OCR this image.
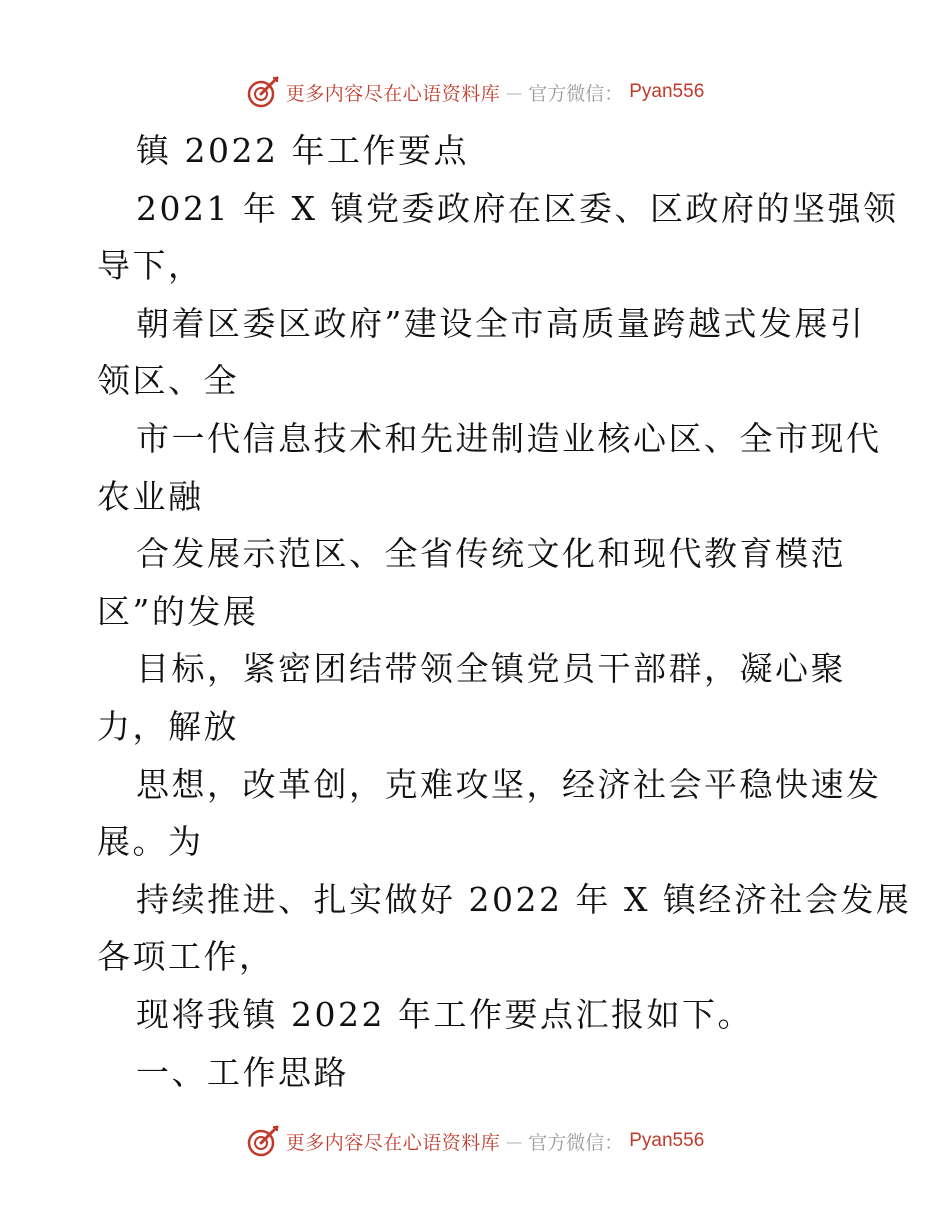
更多内容尽在心语资料库 — 官方微信： Pyan556
镇 2022 年工作要点
2021 年 X 镇党委政府在区委、区政府的坚强领
导下，
朝着区委区政府”建设全市高质量跨越式发展引
领区、全
市一代信息技术和先进制造业核心区、全市现代
农业融
合发展示范区、全省传统文化和现代教育模范
区”的发展
目标，紧密团结带领全镇党员干部群，凝心聚
力，解放
思想，改革创，克难攻坚，经济社会平稳快速发
展。为
持续推进、扎实做好 2022 年 X 镇经济社会发展
各项工作，
现将我镇 2022 年工作要点汇报如下。
一、工作思路
更多内容尽在心语资料库 — 官方微信： Pyan556
